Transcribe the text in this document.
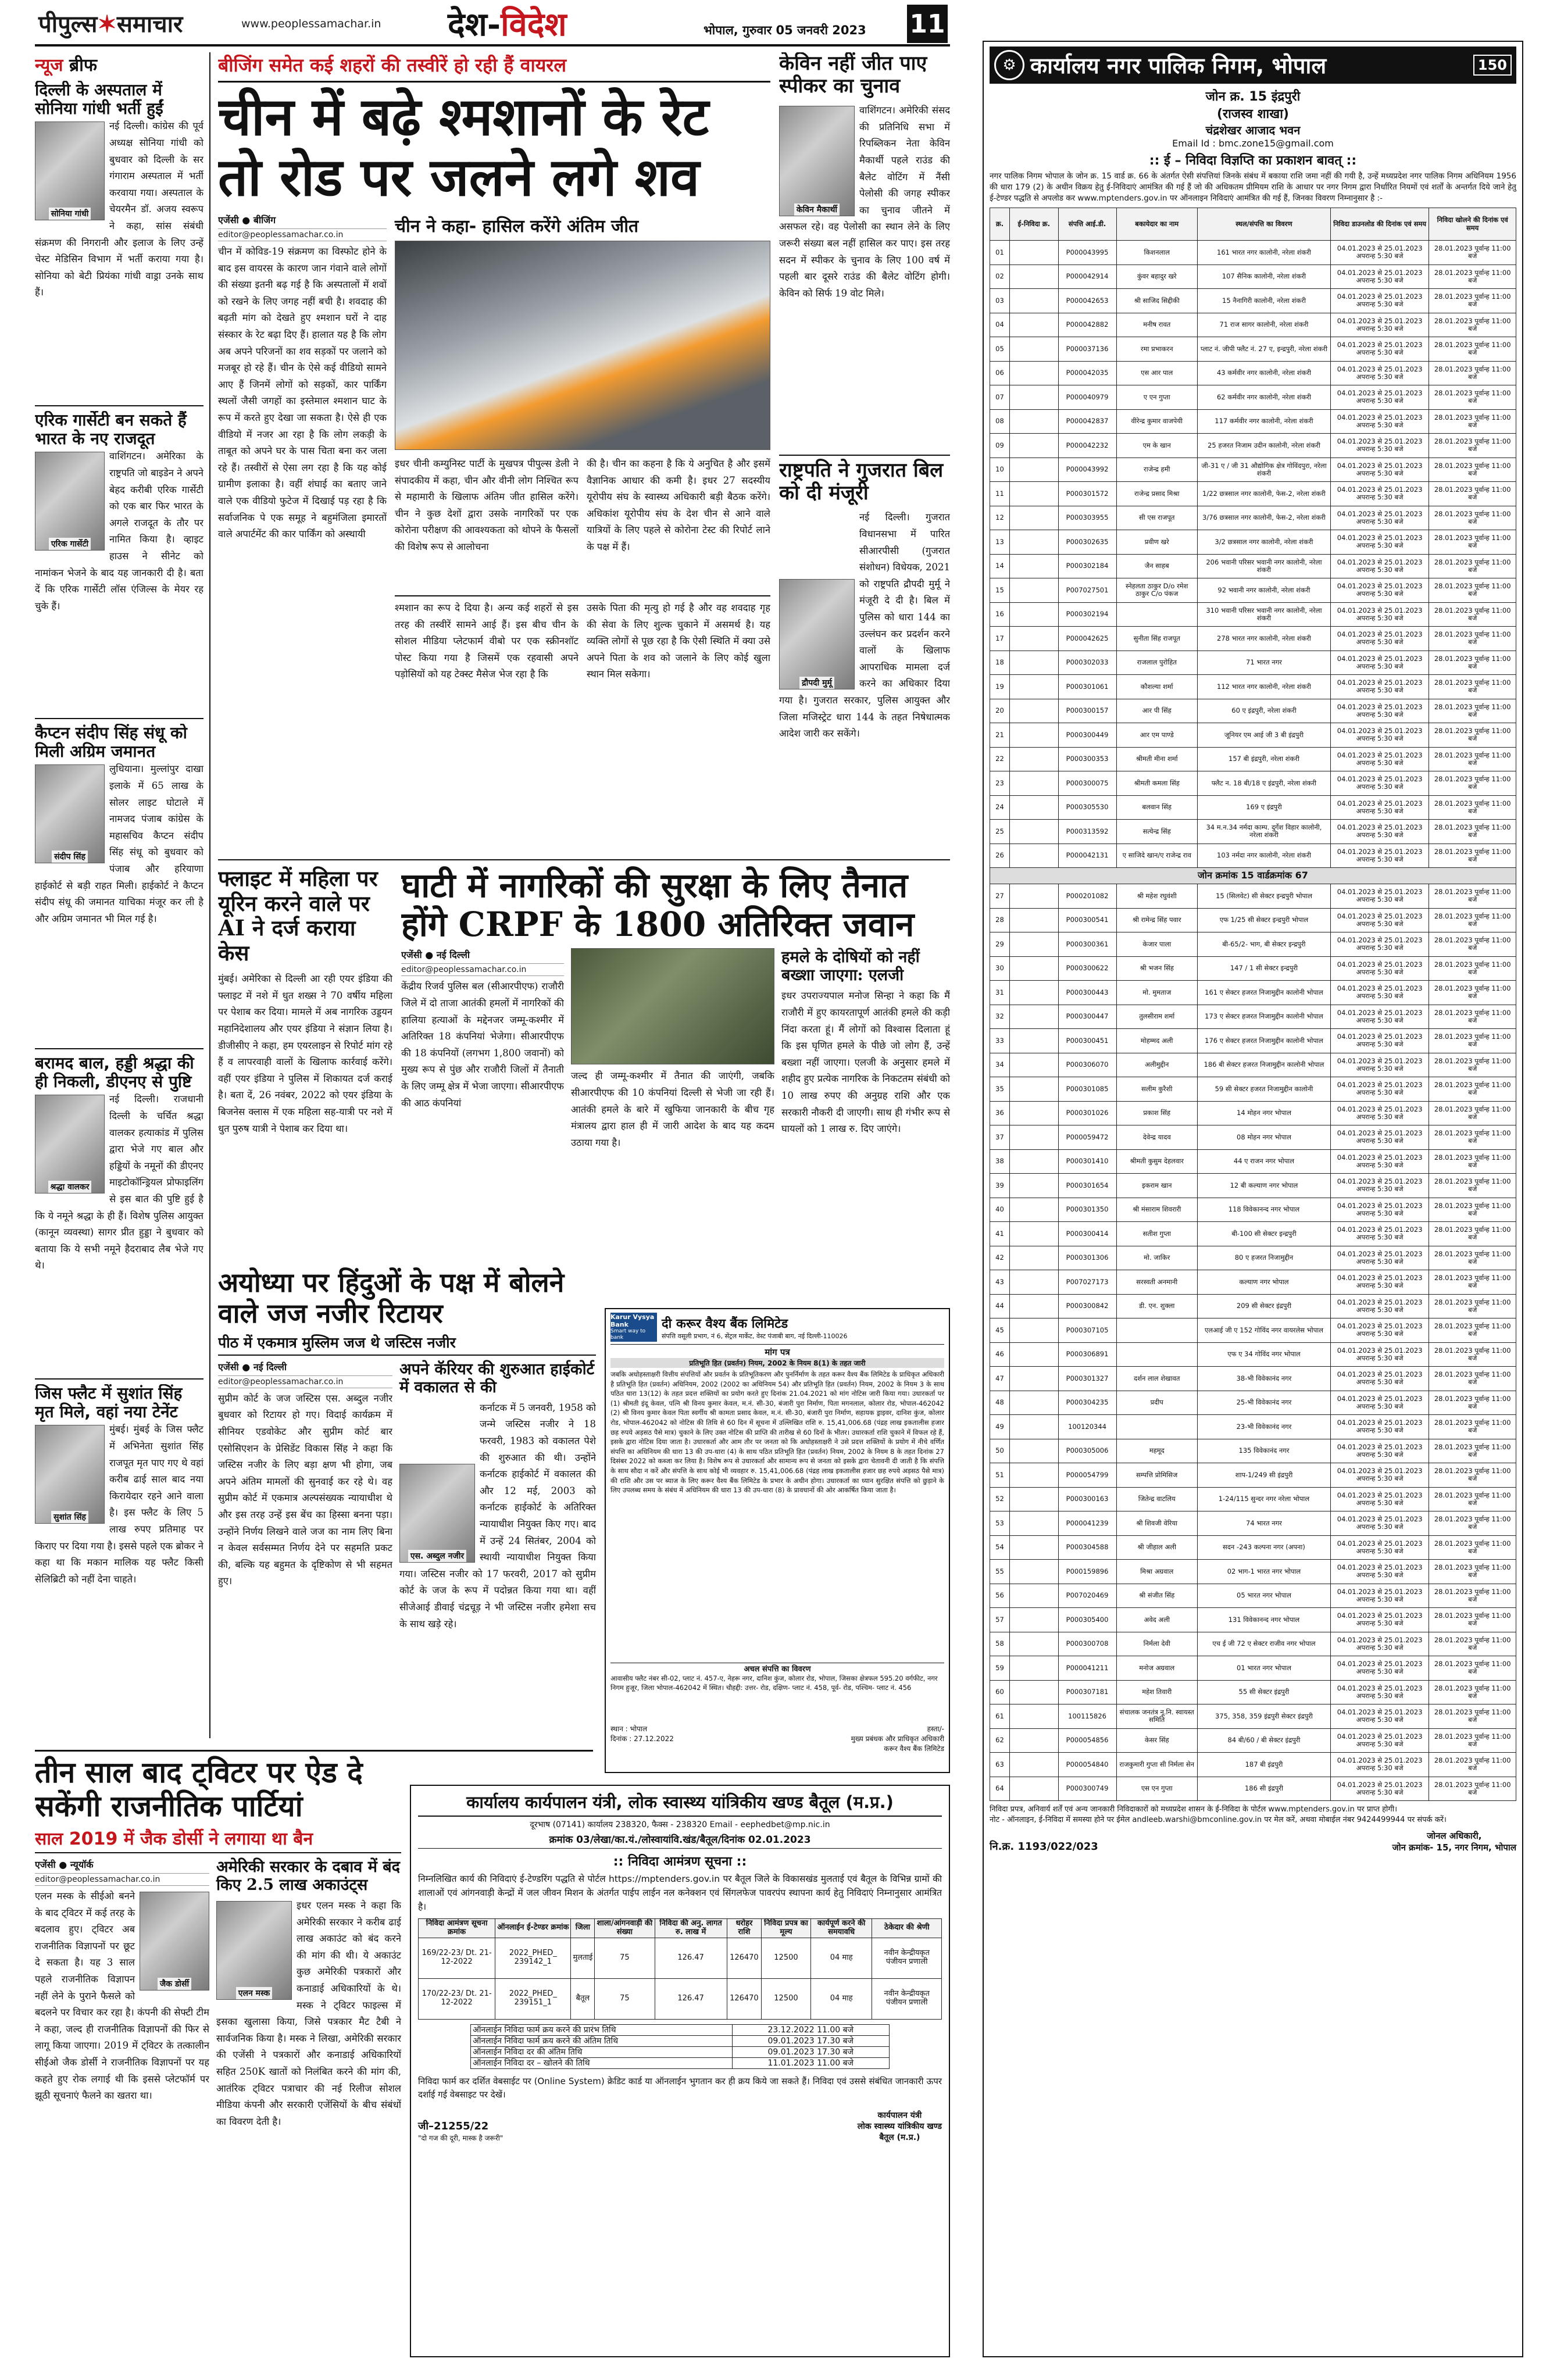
पीपुल्स✶समाचार	www.peoplessamachar.in देश-विदेश	भोपाल, गुरुवार 05 जनवरी 2023 11
न्यूज ब्रीफ
दिल्ली के अस्पताल में सोनिया गांधी भर्ती हुईं
सोनिया गांधी
नई दिल्ली। कांग्रेस की पूर्व अध्यक्ष सोनिया गांधी को बुधवार को दिल्ली के सर गंगाराम अस्पताल में भर्ती करवाया गया। अस्पताल के चेयरमैन डॉ. अजय स्वरूप ने कहा, सांस संबंधी संक्रमण की निगरानी और इलाज के लिए उन्हें चेस्ट मेडिसिन विभाग में भर्ती कराया गया है। सोनिया को बेटी प्रियंका गांधी वाड्रा उनके साथ हैं।
एरिक गार्सेटी बन सकते हैं भारत के नए राजदूत
एरिक गार्सेटी
वाशिंगटन। अमेरिका के राष्ट्रपति जो बाइडेन ने अपने बेहद करीबी एरिक गार्सेटी को एक बार फिर भारत के अगले राजदूत के तौर पर नामित किया है। व्हाइट हाउस ने सीनेट को नामांकन भेजने के बाद यह जानकारी दी है। बता दें कि एरिक गार्सेटी लॉस एंजिल्स के मेयर रह चुके हैं।
कैप्टन संदीप सिंह संधू को मिली अग्रिम जमानत
संदीप सिंह
लुधियाना। मुल्लांपुर दाखा इलाके में 65 लाख के सोलर लाइट घोटाले में नामजद पंजाब कांग्रेस के महासचिव कैप्टन संदीप सिंह संधू को बुधवार को पंजाब और हरियाणा हाईकोर्ट से बड़ी राहत मिली। हाईकोर्ट ने कैप्टन संदीप संधू की जमानत याचिका मंजूर कर ली है और अग्रिम जमानत भी मिल गई है।
बरामद बाल, हड्डी श्रद्धा की ही निकली, डीएनए से पुष्टि
श्रद्धा वालकर
नई दिल्ली। राजधानी दिल्ली के चर्चित श्रद्धा वालकर हत्याकांड में पुलिस द्वारा भेजे गए बाल और हड्डियों के नमूनों की डीएनए माइटोकॉन्ड्रियल प्रोफाइलिंग से इस बात की पुष्टि हुई है कि ये नमूने श्रद्धा के ही हैं। विशेष पुलिस आयुक्त (कानून व्यवस्था) सागर प्रीत हुड्डा ने बुधवार को बताया कि ये सभी नमूने हैदराबाद लैब भेजे गए थे।
जिस फ्लैट में सुशांत सिंह मृत मिले, वहां नया टेनेंट
सुशांत सिंह
मुंबई। मुंबई के जिस फ्लैट में अभिनेता सुशांत सिंह राजपूत मृत पाए गए थे वहां करीब ढाई साल बाद नया किरायेदार रहने आने वाला है। इस फ्लैट के लिए 5 लाख रुपए प्रतिमाह पर किराए पर दिया गया है। इससे पहले एक ब्रोकर ने कहा था कि मकान मालिक यह फ्लैट किसी सेलिब्रिटी को नहीं देना चाहते।
बीजिंग समेत कई शहरों की तस्वीरें हो रही हैं वायरल
चीन में बढ़े श्मशानों के रेट तो रोड पर जलने लगे शव
एजेंसी ● बीजिंग
editor@peoplessamachar.co.in
चीन में कोविड-19 संक्रमण का विस्फोट होने के बाद इस वायरस के कारण जान गंवाने वाले लोगों की संख्या इतनी बढ़ गई है कि अस्पतालों में शवों को रखने के लिए जगह नहीं बची है। शवदाह की बढ़ती मांग को देखते हुए श्मशान घरों ने दाह संस्कार के रेट बढ़ा दिए हैं। हालात यह है कि लोग अब अपने परिजनों का शव सड़कों पर जलाने को मजबूर हो रहे हैं। चीन के ऐसे कई वीडियो सामने आए हैं जिनमें लोगों को सड़कों, कार पार्किंग स्थलों जैसी जगहों का इस्तेमाल श्मशान घाट के रूप में करते हुए देखा जा सकता है। ऐसे ही एक वीडियो में नजर आ रहा है कि लोग लकड़ी के ताबूत को अपने घर के पास चिता बना कर जला रहे हैं। तस्वीरों से ऐसा लग रहा है कि यह कोई ग्रामीण इलाका है। वहीं शंघाई का बताए जाने वाले एक वीडियो फुटेज में दिखाई पड़ रहा है कि सर्वाजनिक पे एक समूह ने बहुमंजिला इमारतों वाले अपार्टमेंट की कार पार्किंग को अस्थायी
चीन ने कहा- हासिल करेंगे अंतिम जीत
इधर चीनी कम्युनिस्ट पार्टी के मुखपत्र पीपुल्स डेली ने संपादकीय में कहा, चीन और वीनी लोग निश्चित रूप से महामारी के खिलाफ अंतिम जीत हासिल करेंगे। चीन ने कुछ देशों द्वारा उसके नागरिकों पर एक कोरोना परीक्षण की आवश्यकता को थोपने के फैसलों की विशेष रूप से आलोचना
की है। चीन का कहना है कि ये अनुचित है और इसमें वैज्ञानिक आधार की कमी है। इधर 27 सदस्यीय यूरोपीय संघ के स्वास्थ्य अधिकारी बड़ी बैठक करेंगे। अधिकांश यूरोपीय संघ के देश चीन से आने वाले यात्रियों के लिए पहले से कोरोना टेस्ट की रिपोर्ट लाने के पक्ष में हैं।
श्मशान का रूप दे दिया है। अन्य कई शहरों से इस तरह की तस्वीरें सामने आई हैं। इस बीच चीन के सोशल मीडिया प्लेटफार्म वीबो पर एक स्क्रीनशॉट पोस्ट किया गया है जिसमें एक रहवासी अपने पड़ोसियों को यह टेक्स्ट मैसेज भेज रहा है कि
उसके पिता की मृत्यु हो गई है और वह शवदाह गृह की सेवा के लिए शुल्क चुकाने में असमर्थ है। यह व्यक्ति लोगों से पूछ रहा है कि ऐसी स्थिति में क्या उसे अपने पिता के शव को जलाने के लिए कोई खुला स्थान मिल सकेगा।
केविन नहीं जीत पाए स्पीकर का चुनाव
केविन मैकार्थी
वाशिंगटन। अमेरिकी संसद की प्रतिनिधि सभा में रिपब्लिकन नेता केविन मैकार्थी पहले राउंड की बैलेट वोटिंग में नैंसी पेलोसी की जगह स्पीकर का चुनाव जीतने में असफल रहे। वह पेलोसी का स्थान लेने के लिए जरूरी संख्या बल नहीं हासिल कर पाए। इस तरह सदन में स्पीकर के चुनाव के लिए 100 वर्ष में पहली बार दूसरे राउंड की बैलेट वोटिंग होगी। केविन को सिर्फ 19 वोट मिले।
राष्ट्रपति ने गुजरात बिल को दी मंजूरी
द्रौपदी मुर्मू
नई दिल्ली। गुजरात विधानसभा में पारित सीआरपीसी (गुजरात संशोधन) विधेयक, 2021 को राष्ट्रपति द्रौपदी मुर्मू ने मंजूरी दे दी है। बिल में पुलिस को धारा 144 का उल्लंघन कर प्रदर्शन करने वालों के खिलाफ आपराधिक मामला दर्ज करने का अधिकार दिया गया है। गुजरात सरकार, पुलिस आयुक्त और जिला मजिस्ट्रेट धारा 144 के तहत निषेधात्मक आदेश जारी कर सकेंगे।
फ्लाइट में महिला पर यूरिन करने वाले पर AI ने दर्ज कराया केस
मुंबई। अमेरिका से दिल्ली आ रही एयर इंडिया की फ्लाइट में नशे में धुत शख्स ने 70 वर्षीय महिला पर पेशाब कर दिया। मामले में अब नागरिक उड्डयन महानिदेशालय और एयर इंडिया ने संज्ञान लिया है। डीजीसीए ने कहा, हम एयरलाइन से रिपोर्ट मांग रहे हैं व लापरवाही वालों के खिलाफ कार्रवाई करेंगे। वहीं एयर इंडिया ने पुलिस में शिकायत दर्ज कराई है। बता दें, 26 नवंबर, 2022 को एयर इंडिया के बिजनेस क्लास में एक महिला सह-यात्री पर नशे में धुत पुरुष यात्री ने पेशाब कर दिया था।
घाटी में नागरिकों की सुरक्षा के लिए तैनात होंगे CRPF के 1800 अतिरिक्त जवान
एजेंसी ● नई दिल्ली
editor@peoplessamachar.co.in
केंद्रीय रिजर्व पुलिस बल (सीआरपीएफ) राजौरी जिले में दो ताजा आतंकी हमलों में नागरिकों की हालिया हत्याओं के मद्देनजर जम्मू-कश्मीर में अतिरिक्त 18 कंपनियां भेजेगा। सीआरपीएफ की 18 कंपनियों (लगभग 1,800 जवानों) को मुख्य रूप से पुंछ और राजौरी जिलों में तैनाती के लिए जम्मू क्षेत्र में भेजा जाएगा। सीआरपीएफ की आठ कंपनियां
जल्द ही जम्मू-कश्मीर में तैनात की जाएंगी, जबकि सीआरपीएफ की 10 कंपनियां दिल्ली से भेजी जा रही हैं। आतंकी हमले के बारे में खुफिया जानकारी के बीच गृह मंत्रालय द्वारा हाल ही में जारी आदेश के बाद यह कदम उठाया गया है।
हमले के दोषियों को नहीं बख्शा जाएगा: एलजी
इधर उपराज्यपाल मनोज सिन्हा ने कहा कि मैं राजौरी में हुए कायरतापूर्ण आतंकी हमले की कड़ी निंदा करता हूं। मैं लोगों को विश्वास दिलाता हूं कि इस घृणित हमले के पीछे जो लोग हैं, उन्हें बख्शा नहीं जाएगा। एलजी के अनुसार हमले में शहीद हुए प्रत्येक नागरिक के निकटतम संबंधी को 10 लाख रुपए की अनुग्रह राशि और एक सरकारी नौकरी दी जाएगी। साथ ही गंभीर रूप से घायलों को 1 लाख रु. दिए जाएंगे।
अयोध्या पर हिंदुओं के पक्ष में बोलने वाले जज नजीर रिटायर
पीठ में एकमात्र मुस्लिम जज थे जस्टिस नजीर
एजेंसी ● नई दिल्ली
editor@peoplessamachar.co.in
सुप्रीम कोर्ट के जज जस्टिस एस. अब्दुल नजीर बुधवार को रिटायर हो गए। विदाई कार्यक्रम में सीनियर एडवोकेट और सुप्रीम कोर्ट बार एसोसिएशन के प्रेसिडेंट विकास सिंह ने कहा कि जस्टिस नजीर के लिए बड़ा क्षण भी होगा, जब अपने अंतिम मामलों की सुनवाई कर रहे थे। वह सुप्रीम कोर्ट में एकमात्र अल्पसंख्यक न्यायाधीश थे और इस तरह उन्हें इस बेंच का हिस्सा बनना पड़ा। उन्होंने निर्णय लिखने वाले जज का नाम लिए बिना न केवल सर्वसम्मत निर्णय देने पर सहमति प्रकट की, बल्कि यह बहुमत के दृष्टिकोण से भी सहमत हुए।
अपने कॅरियर की शुरुआत हाईकोर्ट में वकालत से की
एस. अब्दुल नजीर
कर्नाटक में 5 जनवरी, 1958 को जन्मे जस्टिस नजीर ने 18 फरवरी, 1983 को वकालत पेशे की शुरुआत की थी। उन्होंने कर्नाटक हाईकोर्ट में वकालत की और 12 मई, 2003 को कर्नाटक हाईकोर्ट के अतिरिक्त न्यायाधीश नियुक्त किए गए। बाद में उन्हें 24 सितंबर, 2004 को स्थायी न्यायाधीश नियुक्त किया गया। जस्टिस नजीर को 17 फरवरी, 2017 को सुप्रीम कोर्ट के जज के रूप में पदोन्नत किया गया था। वहीं सीजेआई डीवाई चंद्रचूड़ ने भी जस्टिस नजीर हमेशा सच के साथ खड़े रहे।
Karur Vysya Bank
Smart way to bank
दी करूर वैश्य बैंक लिमिटेड
संपत्ति वसूली प्रभाग, नं 6, सेंट्रल मार्केट, वेस्ट पंजाबी बाग, नई दिल्ली-110026
मांग पत्र
प्रतिभूति हित (प्रवर्तन) नियम, 2002 के नियम 8(1) के तहत जारी
जबकि अधोहस्ताक्षरी वित्तीय संपत्तियों और प्रवर्तन के प्रतिभूतिकरण और पुनर्निर्माण के तहत करूर वैश्य बैंक लिमिटेड के प्राधिकृत अधिकारी है प्रतिभूति हित (प्रवर्तन) अधिनियम, 2002 (2002 का अधिनियम 54) और प्रतिभूति हित (प्रवर्तन) नियम, 2002 के नियम 3 के साथ पठित धारा 13(12) के तहत प्रदत्त शक्तियों का प्रयोग करते हुए दिनांक 21.04.2021 को मांग नोटिस जारी किया गया। उधारकर्ता पर (1) श्रीमती इंदू केवल, पत्नि श्री विनय कुमार केवल, म.नं. सी-30, बंजारी पुरा निर्माण, पिता मगनलाल, कोलार रोड, भोपाल-462042 (2) श्री विनय कुमार केवल पिता स्वर्गीय श्री कामता प्रसाद केवल, म.नं. सी-30, बंजारी पुरा निर्माण, सहायक ड्राइवर, दानिश कुंज, कोलार रोड, भोपाल-462042 को नोटिस की तिथि से 60 दिन में सूचना में उल्लिखित राशि रु. 15,41,006.68 (पंद्रह लाख इकतालीस हजार छह रुपये अड़सठ पैसे मात्र) चुकाने के लिए उक्त नोटिस की प्राप्ति की तारीख से 60 दिनों के भीतर। उधारकर्ता राशि चुकाने में विफल रहे हैं, इसके द्वारा नोटिस दिया जाता है। उधारकर्ता और आम तौर पर जनता को कि अधोहस्ताक्षरी ने उसे प्रदत्त शक्तियों के प्रयोग में नीचे वर्णित संपत्ति का अधिनियम की धारा 13 की उप-धारा (4) के साथ पठित प्रतिभूति हित (प्रवर्तन) नियम, 2002 के नियम 8 के तहत दिनांक 27 दिसंबर 2022 को कब्जा कर लिया है। विशेष रूप से उधारकर्ता और सामान्य रूप से जनता को इसके द्वारा चेतावनी दी जाती है कि संपत्ति के साथ सौदा न करें और संपत्ति के साथ कोई भी व्यवहार रु. 15,41,006.68 (पंद्रह लाख इकतालीस हजार छह रुपये अड़सठ पैसे मात्र) की राशि और उस पर ब्याज के लिए करूर वैश्य बैंक लिमिटेड के प्रभार के अधीन होगा। उधारकर्ता का ध्यान सुरक्षित संपत्ति को छुड़ाने के लिए उपलब्ध समय के संबंध में अधिनियम की धारा 13 की उप-धारा (8) के प्रावधानों की ओर आकर्षित किया जाता है।
अचल संपत्ति का विवरण
आवासीय फ्लैट नंबर सी-02, प्लाट नं. 457-ए, नेहरू नगर, दानिश कुंज, कोलार रोड, भोपाल, जिसका क्षेत्रफल 595.20 वर्गफीट, नगर निगम हुजूर, जिला भोपाल-462042 में स्थित। चौहद्दी: उत्तर- रोड, दक्षिण- प्लाट नं. 458, पूर्व- रोड, पश्चिम- प्लाट नं. 456
स्थान : भोपाल
दिनांक : 27.12.2022
हस्ता/-
मुख्य प्रबंधक और प्राधिकृत अधिकारी
करूर वैश्य बैंक लिमिटेड
तीन साल बाद ट्विटर पर ऐड दे सकेंगी राजनीतिक पार्टियां
साल 2019 में जैक डोर्सी ने लगाया था बैन
एजेंसी ● न्यूयॉर्क
editor@peoplessamachar.co.in
जैक डोर्सी
एलन मस्क के सीईओ बनने के बाद ट्विटर में कई तरह के बदलाव हुए। ट्विटर अब राजनीतिक विज्ञापनों पर छूट दे सकता है। यह 3 साल पहले राजनीतिक विज्ञापन नहीं लेने के पुराने फैसले को बदलने पर विचार कर रहा है। कंपनी की सेफ्टी टीम ने कहा, जल्द ही राजनीतिक विज्ञापनों की फिर से लागू किया जाएगा। 2019 में ट्विटर के तत्कालीन सीईओ जैक डोर्सी ने राजनीतिक विज्ञापनों पर यह कहते हुए रोक लगाई थी कि इससे प्लेटफॉर्म पर झूठी सूचनाएं फैलने का खतरा था।
अमेरिकी सरकार के दबाव में बंद किए 2.5 लाख अकाउंट्स
एलन मस्क
इधर एलन मस्क ने कहा कि अमेरिकी सरकार ने करीब ढाई लाख अकाउंट को बंद करने की मांग की थी। ये अकाउंट कुछ अमेरिकी पत्रकारों और कनाडाई अधिकारियों के थे। मस्क ने ट्विटर फाइल्स में इसका खुलासा किया, जिसे पत्रकार मैट टैबी ने सार्वजनिक किया है। मस्क ने लिखा, अमेरिकी सरकार की एजेंसी ने पत्रकारों और कनाडाई अधिकारियों सहित 250K खातों को निलंबित करने की मांग की, आतंरिक ट्विटर पत्राचार की नई रिलीज सोशल मीडिया कंपनी और सरकारी एजेंसियों के बीच संबंधों का विवरण देती है।
कार्यालय कार्यपालन यंत्री, लोक स्वास्थ्य यांत्रिकीय खण्ड बैतूल (म.प्र.)
दूरभाष (07141) कार्यालय 238320, फैक्स - 238320 Email - eephedbet@mp.nic.in
क्रमांक 03/लेखा/का.यं./लोस्वायांवि.खंड/बैतूल/दिनांक 02.01.2023
:: निविदा आमंत्रण सूचना ::
निम्नलिखित कार्य की निविदाएं ई-टेण्डरिंग पद्धति से पोर्टल https://mptenders.gov.in पर बैतूल जिले के विकासखंड मुलताई एवं बैतूल के विभिन्न ग्रामों की शालाओं एवं आंगनवाड़ी केन्द्रों में जल जीवन मिशन के अंतर्गत पाईप लाईन नल कनेक्शन एवं सिंगलफेज पावरपंप स्थापना कार्य हेतु निविदाएं निम्नानुसार आमंत्रित है।
निविदा आमंत्रण सूचना क्रमांक	ऑनलाईन ई-टेण्डर क्रमांक	जिला	शाला/आंगनवाड़ी की संख्या	निविदा की अनु. लागत रु. लाख में	धरोहर राशि	निविदा प्रपत्र का मूल्य	कार्यपूर्ण करने की समयावधि	ठेकेदार की श्रेणी
169/22-23/ Dt. 21-12-2022	2022_PHED_ 239142_1	मुलताई	75	126.47	126470	12500	04 माह	नवीन केन्द्रीयकृत पंजीयन प्रणाली
170/22-23/ Dt. 21-12-2022	2022_PHED_ 239151_1	बैतूल	75	126.47	126470	12500	04 माह	नवीन केन्द्रीयकृत पंजीयन प्रणाली
ऑनलाईन निविदा फार्म क्रय करने की प्रारंभ तिथि	23.12.2022 11.00 बजे
ऑनलाईन निविदा फार्म क्रय करने की अंतिम तिथि	09.01.2023 17.30 बजे
ऑनलाईन निविदा दर की अंतिम तिथि	09.01.2023 17.30 बजे
ऑनलाईन निविदा दर – खोलने की तिथि	11.01.2023 11.00 बजे
निविदा फार्म कर दर्शित वेबसाईट पर (Online System) क्रेडिट कार्ड या ऑनलाईन भुगतान कर ही क्रय किये जा सकते हैं। निविदा एवं उससे संबंधित जानकारी ऊपर दर्शाई गई वेबसाइट पर देखें।
जी–21255/22
"दो गज की दूरी, मास्क है जरूरी"
कार्यपालन यंत्री
लोक स्वास्थ्य यांत्रिकीय खण्ड
बैतूल (म.प्र.)
⚙ कार्यालय नगर पालिक निगम, भोपाल	150
जोन क्र. 15 इंद्रपुरी
(राजस्व शाखा)
चंद्रशेखर आजाद भवन
Email Id : bmc.zone15@gmail.com
:: ई – निविदा विज्ञप्ति का प्रकाशन बावत् ::
नगर पालिक निगम भोपाल के जोन क्र. 15 वार्ड क्र. 66 के अंतर्गत ऐसी संपत्तियां जिनके संबंध में बकाया राशि जमा नहीं की गयी है, उन्हें मध्यप्रदेश नगर पालिक निगम अधिनियम 1956 की धारा 179 (2) के अधीन विक्रय हेतु ई-निविदाएं आमंत्रित की गई हैं जो की अधिकतम प्रीमियम राशि के आधार पर नगर निगम द्वारा निर्धारित नियमों एवं शर्तों के अन्तर्गत दिये जाने हेतु ई-टेण्डर पद्धति से अपलोड कर www.mptenders.gov.in पर ऑनलाइन निविदाएं आमंत्रित की गई हैं, जिनका विवरण निम्नानुसार है :-
क्र.	ई-निविदा क्र.	संपत्ति आई.डी.	बकायेदार का नाम	स्थल/संपत्ति का विवरण	निविदा डाउनलोड की दिनांक एवं समय	निविदा खोलने की दिनांक एवं समय
01		P000043995	किशनलाल	161 भारत नगर कालोनी, नरेला शंकरी	04.01.2023 से 25.01.2023 अपरान्ह 5:30 बजे	28.01.2023 पूर्वान्ह 11:00 बजे
02		P000042914	कुंवर बहादुर खरे	107 सैनिक कालोनी, नरेला शंकरी	04.01.2023 से 25.01.2023 अपरान्ह 5:30 बजे	28.01.2023 पूर्वान्ह 11:00 बजे
03		P000042653	श्री साजिद सिद्दीकी	15 नैनागिरी कालोनी, नरेला शंकरी	04.01.2023 से 25.01.2023 अपरान्ह 5:30 बजे	28.01.2023 पूर्वान्ह 11:00 बजे
04		P000042882	मनीष रावत	71 राज सागर कालोनी, नरेला शंकरी	04.01.2023 से 25.01.2023 अपरान्ह 5:30 बजे	28.01.2023 पूर्वान्ह 11:00 बजे
05		P000037136	रमा प्रभाकरन	प्लाट नं. जीपी फ्लैट नं. 27 ए, इन्द्रपुरी, नरेला शंकरी	04.01.2023 से 25.01.2023 अपरान्ह 5:30 बजे	28.01.2023 पूर्वान्ह 11:00 बजे
06		P000042035	एस आर पाल	43 कर्मवीर नगर कालोनी, नरेला शंकरी	04.01.2023 से 25.01.2023 अपरान्ह 5:30 बजे	28.01.2023 पूर्वान्ह 11:00 बजे
07		P000040979	ए एन गुप्ता	62 कर्मवीर नगर कालोनी, नरेला शंकरी	04.01.2023 से 25.01.2023 अपरान्ह 5:30 बजे	28.01.2023 पूर्वान्ह 11:00 बजे
08		P000042837	वीरेन्द्र कुमार वाजपेयी	117 कर्मवीर नगर कालोनी, नरेला शंकरी	04.01.2023 से 25.01.2023 अपरान्ह 5:30 बजे	28.01.2023 पूर्वान्ह 11:00 बजे
09		P000042232	एम के खान	25 हजरत निजाम उदीन कालोनी, नरेला शंकरी	04.01.2023 से 25.01.2023 अपरान्ह 5:30 बजे	28.01.2023 पूर्वान्ह 11:00 बजे
10		P000043992	राजेन्द्र हमी	जी-31 ए / जी 31 औद्योगिक क्षेत्र गोविंदपुरा, नरेला शंकरी	04.01.2023 से 25.01.2023 अपरान्ह 5:30 बजे	28.01.2023 पूर्वान्ह 11:00 बजे
11		P000301572	राजेन्द्र प्रसाद मिश्रा	1/22 छत्रसाल नगर कालोनी, फेस-2, नरेला शंकरी	04.01.2023 से 25.01.2023 अपरान्ह 5:30 बजे	28.01.2023 पूर्वान्ह 11:00 बजे
12		P000303955	सी एस राजपूत	3/76 छत्रसाल नगर कालोनी, फेस-2, नरेला शंकरी	04.01.2023 से 25.01.2023 अपरान्ह 5:30 बजे	28.01.2023 पूर्वान्ह 11:00 बजे
13		P000302635	प्रवीण खरे	3/2 छत्रसाल नगर कालोनी, नरेला शंकरी	04.01.2023 से 25.01.2023 अपरान्ह 5:30 बजे	28.01.2023 पूर्वान्ह 11:00 बजे
14		P000302184	जैन साहब	206 भवानी परिसर भवानी नगर कालोनी, नरेला शंकरी	04.01.2023 से 25.01.2023 अपरान्ह 5:30 बजे	28.01.2023 पूर्वान्ह 11:00 बजे
15		P007027501	स्नेहलता ठाकुर D/o रमेश ठाकुर C/o पंकज	92 भवानी नगर कालोनी, नरेला शंकरी	04.01.2023 से 25.01.2023 अपरान्ह 5:30 बजे	28.01.2023 पूर्वान्ह 11:00 बजे
16		P000302194		310 भवानी परिसर भवानी नगर कालोनी, नरेला शंकरी	04.01.2023 से 25.01.2023 अपरान्ह 5:30 बजे	28.01.2023 पूर्वान्ह 11:00 बजे
17		P000042625	सुनीता सिंह राजपूत	278 भारत नगर कालोनी, नरेला शंकरी	04.01.2023 से 25.01.2023 अपरान्ह 5:30 बजे	28.01.2023 पूर्वान्ह 11:00 बजे
18		P000302033	राजलाल पुरोहित	71 भारत नगर	04.01.2023 से 25.01.2023 अपरान्ह 5:30 बजे	28.01.2023 पूर्वान्ह 11:00 बजे
19		P000301061	कौशल्या शर्मा	112 भारत नगर कालोनी, नरेला शंकरी	04.01.2023 से 25.01.2023 अपरान्ह 5:30 बजे	28.01.2023 पूर्वान्ह 11:00 बजे
20		P000300157	आर पी सिंह	60 ए इंद्रपुरी, नरेला शंकरी	04.01.2023 से 25.01.2023 अपरान्ह 5:30 बजे	28.01.2023 पूर्वान्ह 11:00 बजे
21		P000300449	आर एम पाण्डे	जूनियर एम आई जी 3 बी इंद्रपुरी	04.01.2023 से 25.01.2023 अपरान्ह 5:30 बजे	28.01.2023 पूर्वान्ह 11:00 बजे
22		P000300353	श्रीमती मीना शर्मा	157 बी इंद्रपुरी, नरेला शंकरी	04.01.2023 से 25.01.2023 अपरान्ह 5:30 बजे	28.01.2023 पूर्वान्ह 11:00 बजे
23		P000300075	श्रीमती कमला सिंह	फ्लैट न. 18 बी/18 ए इंद्रपुरी, नरेला शंकरी	04.01.2023 से 25.01.2023 अपरान्ह 5:30 बजे	28.01.2023 पूर्वान्ह 11:00 बजे
24		P000305530	बलवान सिंह	169 ए इंद्रपुरी	04.01.2023 से 25.01.2023 अपरान्ह 5:30 बजे	28.01.2023 पूर्वान्ह 11:00 बजे
25		P000313592	सत्येन्द्र सिंह	34 म.न.34 नर्मदा काम्प. दुर्गेश विहार कालोनी, नरेला शंकरी	04.01.2023 से 25.01.2023 अपरान्ह 5:30 बजे	28.01.2023 पूर्वान्ह 11:00 बजे
26		P000042131	ए साजिदे खान/ए राजेन्द्र राव	103 नर्मदा नगर कालोनी, नरेला शंकरी	04.01.2023 से 25.01.2023 अपरान्ह 5:30 बजे	28.01.2023 पूर्वान्ह 11:00 बजे
जोन क्रमांक 15 वार्डक्रमांक 67						
27		P000201082	श्री महेश रघुवंशी	15 (सिलवेट) सी सेक्टर इन्द्रपुरी भोपाल	04.01.2023 से 25.01.2023 अपरान्ह 5:30 बजे	28.01.2023 पूर्वान्ह 11:00 बजे
28		P000300541	श्री रामेन्द्र सिंह पवार	एफ 1/25 सी सेक्टर इन्द्रपुरी भोपाल	04.01.2023 से 25.01.2023 अपरान्ह 5:30 बजे	28.01.2023 पूर्वान्ह 11:00 बजे
29		P000300361	केजार पाला	बी-65/2- भाग, बी सेक्टर इन्द्रपुरी	04.01.2023 से 25.01.2023 अपरान्ह 5:30 बजे	28.01.2023 पूर्वान्ह 11:00 बजे
30		P000300622	श्री भजन सिंह	147 / 1 सी सेक्टर इन्द्रपुरी	04.01.2023 से 25.01.2023 अपरान्ह 5:30 बजे	28.01.2023 पूर्वान्ह 11:00 बजे
31		P000300443	मो. मुमताज	161 ए सेक्टर हजरत निजामुद्दीन कालोनी भोपाल	04.01.2023 से 25.01.2023 अपरान्ह 5:30 बजे	28.01.2023 पूर्वान्ह 11:00 बजे
32		P000300447	तुलसीराम शर्मा	173 ए सेक्टर हजरत निजामुद्दीन कालोनी भोपाल	04.01.2023 से 25.01.2023 अपरान्ह 5:30 बजे	28.01.2023 पूर्वान्ह 11:00 बजे
33		P000300451	मोहम्मद अली	176 ए सेक्टर हजरत निजामुद्दीन कालोनी भोपाल	04.01.2023 से 25.01.2023 अपरान्ह 5:30 बजे	28.01.2023 पूर्वान्ह 11:00 बजे
34		P000306070	अलीमुद्दीन	186 बी सेक्टर हजरत निजामुद्दीन कालोनी भोपाल	04.01.2023 से 25.01.2023 अपरान्ह 5:30 बजे	28.01.2023 पूर्वान्ह 11:00 बजे
35		P000301085	सलीम कुरैशी	59 सी सेक्टर हजरत निजामुद्दीन कालोनी	04.01.2023 से 25.01.2023 अपरान्ह 5:30 बजे	28.01.2023 पूर्वान्ह 11:00 बजे
36		P000301026	प्रकाश सिंह	14 मोहन नगर भोपाल	04.01.2023 से 25.01.2023 अपरान्ह 5:30 बजे	28.01.2023 पूर्वान्ह 11:00 बजे
37		P000059472	देवेन्द्र यादव	08 मोहन नगर भोपाल	04.01.2023 से 25.01.2023 अपरान्ह 5:30 बजे	28.01.2023 पूर्वान्ह 11:00 बजे
38		P000301410	श्रीमती कुसुम देहलवार	44 ए राजन नगर भोपाल	04.01.2023 से 25.01.2023 अपरान्ह 5:30 बजे	28.01.2023 पूर्वान्ह 11:00 बजे
39		P000301654	इकराम खान	12 बी कल्याण नगर भोपाल	04.01.2023 से 25.01.2023 अपरान्ह 5:30 बजे	28.01.2023 पूर्वान्ह 11:00 बजे
40		P000301350	श्री मंसाराम शिवरारी	118 विवेकानन्द नगर भोपाल	04.01.2023 से 25.01.2023 अपरान्ह 5:30 बजे	28.01.2023 पूर्वान्ह 11:00 बजे
41		P000300414	सतीश गुप्ता	बी-100 सी सेक्टर इन्द्रपुरी	04.01.2023 से 25.01.2023 अपरान्ह 5:30 बजे	28.01.2023 पूर्वान्ह 11:00 बजे
42		P000301306	मो. जाकिर	80 ए हजरत निजामुद्दीन	04.01.2023 से 25.01.2023 अपरान्ह 5:30 बजे	28.01.2023 पूर्वान्ह 11:00 बजे
43		P007027173	सरस्वती अनमानी	कल्याण नगर भोपाल	04.01.2023 से 25.01.2023 अपरान्ह 5:30 बजे	28.01.2023 पूर्वान्ह 11:00 बजे
44		P000300842	डी. एन. शुक्ला	209 सी सेक्टर इंद्रपुरी	04.01.2023 से 25.01.2023 अपरान्ह 5:30 बजे	28.01.2023 पूर्वान्ह 11:00 बजे
45		P000307105		एलआई जी ए 152 गोविंद नगर वायरलेस भोपाल	04.01.2023 से 25.01.2023 अपरान्ह 5:30 बजे	28.01.2023 पूर्वान्ह 11:00 बजे
46		P000306891		एफ ए 34 गोविंद नगर भोपाल	04.01.2023 से 25.01.2023 अपरान्ह 5:30 बजे	28.01.2023 पूर्वान्ह 11:00 बजे
47		P000301327	दर्शन लाल शेखावत	38-भी विवेकानंद नगर	04.01.2023 से 25.01.2023 अपरान्ह 5:30 बजे	28.01.2023 पूर्वान्ह 11:00 बजे
48		P000304235	प्रदीप	25-भी विवेकानंद नगर	04.01.2023 से 25.01.2023 अपरान्ह 5:30 बजे	28.01.2023 पूर्वान्ह 11:00 बजे
49		100120344		23-भी विवेकानंद नगर	04.01.2023 से 25.01.2023 अपरान्ह 5:30 बजे	28.01.2023 पूर्वान्ह 11:00 बजे
50		P000305006	महमूद	135 विवेकानंद नगर	04.01.2023 से 25.01.2023 अपरान्ह 5:30 बजे	28.01.2023 पूर्वान्ह 11:00 बजे
51		P000054799	सम्पत्ति प्रोमिसिज	शाप-1/249 सी इंद्रपुरी	04.01.2023 से 25.01.2023 अपरान्ह 5:30 बजे	28.01.2023 पूर्वान्ह 11:00 बजे
52		P000300163	जितेन्द्र वाटलिय	1-24/115 सुन्दर नगर नरेला भोपाल	04.01.2023 से 25.01.2023 अपरान्ह 5:30 बजे	28.01.2023 पूर्वान्ह 11:00 बजे
53		P000041239	श्री शिवजी वेरिया	74 भारत नगर	04.01.2023 से 25.01.2023 अपरान्ह 5:30 बजे	28.01.2023 पूर्वान्ह 11:00 बजे
54		P000304588	श्री जीहाल अली	सदन -243 कल्पना नगर (अपना)	04.01.2023 से 25.01.2023 अपरान्ह 5:30 बजे	28.01.2023 पूर्वान्ह 11:00 बजे
55		P000159896	मिश्रा अग्रवाल	02 भाग-1 भारत नगर भोपाल	04.01.2023 से 25.01.2023 अपरान्ह 5:30 बजे	28.01.2023 पूर्वान्ह 11:00 बजे
56		P007020469	श्री संजीत सिंह	05 भारत नगर भोपाल	04.01.2023 से 25.01.2023 अपरान्ह 5:30 बजे	28.01.2023 पूर्वान्ह 11:00 बजे
57		P000305400	अवेद अली	131 विवेकानन्द नगर भोपाल	04.01.2023 से 25.01.2023 अपरान्ह 5:30 बजे	28.01.2023 पूर्वान्ह 11:00 बजे
58		P000300708	निर्मला देवी	एच ई जी 72 ए सेक्टर राजीव नगर भोपाल	04.01.2023 से 25.01.2023 अपरान्ह 5:30 बजे	28.01.2023 पूर्वान्ह 11:00 बजे
59		P000041211	मनोज अग्रवाल	01 भारत नगर भोपाल	04.01.2023 से 25.01.2023 अपरान्ह 5:30 बजे	28.01.2023 पूर्वान्ह 11:00 बजे
60		P000307181	महेश तिवारी	55 सी सेक्टर इंद्रपुरी	04.01.2023 से 25.01.2023 अपरान्ह 5:30 बजे	28.01.2023 पूर्वान्ह 11:00 बजे
61		100115826	संचालक जनतंत्र नू.नि. स्वायस्त समिति	375, 358, 359 इंद्रपुरी सेक्टर इंद्रपुरी	04.01.2023 से 25.01.2023 अपरान्ह 5:30 बजे	28.01.2023 पूर्वान्ह 11:00 बजे
62		P000054856	केसर सिंह	84 बी/60 / बी सेक्टर इंद्रपुरी	04.01.2023 से 25.01.2023 अपरान्ह 5:30 बजे	28.01.2023 पूर्वान्ह 11:00 बजे
63		P000054840	राजकुमारी गुप्ता सी निर्मला सेन	187 बी इंद्रपुरी	04.01.2023 से 25.01.2023 अपरान्ह 5:30 बजे	28.01.2023 पूर्वान्ह 11:00 बजे
64		P000300749	एस एन गुप्ता	186 सी इंद्रपुरी	04.01.2023 से 25.01.2023 अपरान्ह 5:30 बजे	28.01.2023 पूर्वान्ह 11:00 बजे
निविदा प्रपत्र, अनिवार्य शर्तें एवं अन्य जानकारी निविदाकारों को मध्यप्रदेश शासन के ई-निविदा के पोर्टल www.mptenders.gov.in पर प्राप्त होगी।
नोट - ऑनलाइन, ई-निविदा में समस्या होने पर ईमेल andleeb.warshi@bmconline.gov.in पर मेल करें, अथवा मोबाईल नंबर 9424499944 पर संपर्क करें।
नि.क्र. 1193/022/023
जोनल अधिकारी,
जोन क्रमांक- 15, नगर निगम, भोपाल
